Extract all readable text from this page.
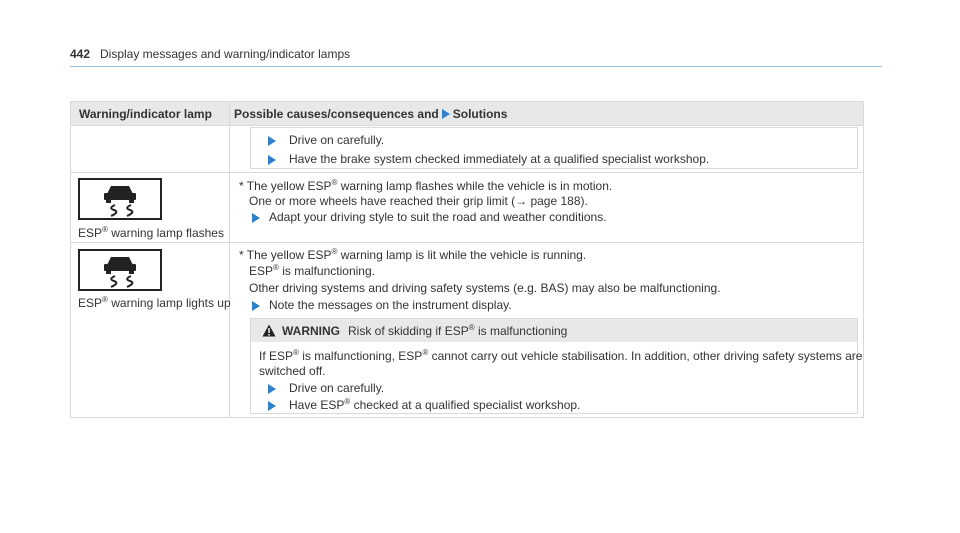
442 Display messages and warning/indicator lamps
Warning/indicator lamp Possible causes/consequences and Solutions
Drive on carefully.
Have the brake system checked immediately at a qualified specialist workshop.
ESP® warning lamp flashes
* The yellow ESP® warning lamp flashes while the vehicle is in motion.
One or more wheels have reached their grip limit (→ page 188).
Adapt your driving style to suit the road and weather conditions.
ESP® warning lamp lights up
* The yellow ESP® warning lamp is lit while the vehicle is running.
ESP® is malfunctioning.
Other driving systems and driving safety systems (e.g. BAS) may also be malfunctioning.
Note the messages on the instrument display.
WARNING Risk of skidding if ESP® is malfunctioning
If ESP® is malfunctioning, ESP® cannot carry out vehicle stabilisation. In addition, other driving safety systems are
switched off.
Drive on carefully.
Have ESP® checked at a qualified specialist workshop.
